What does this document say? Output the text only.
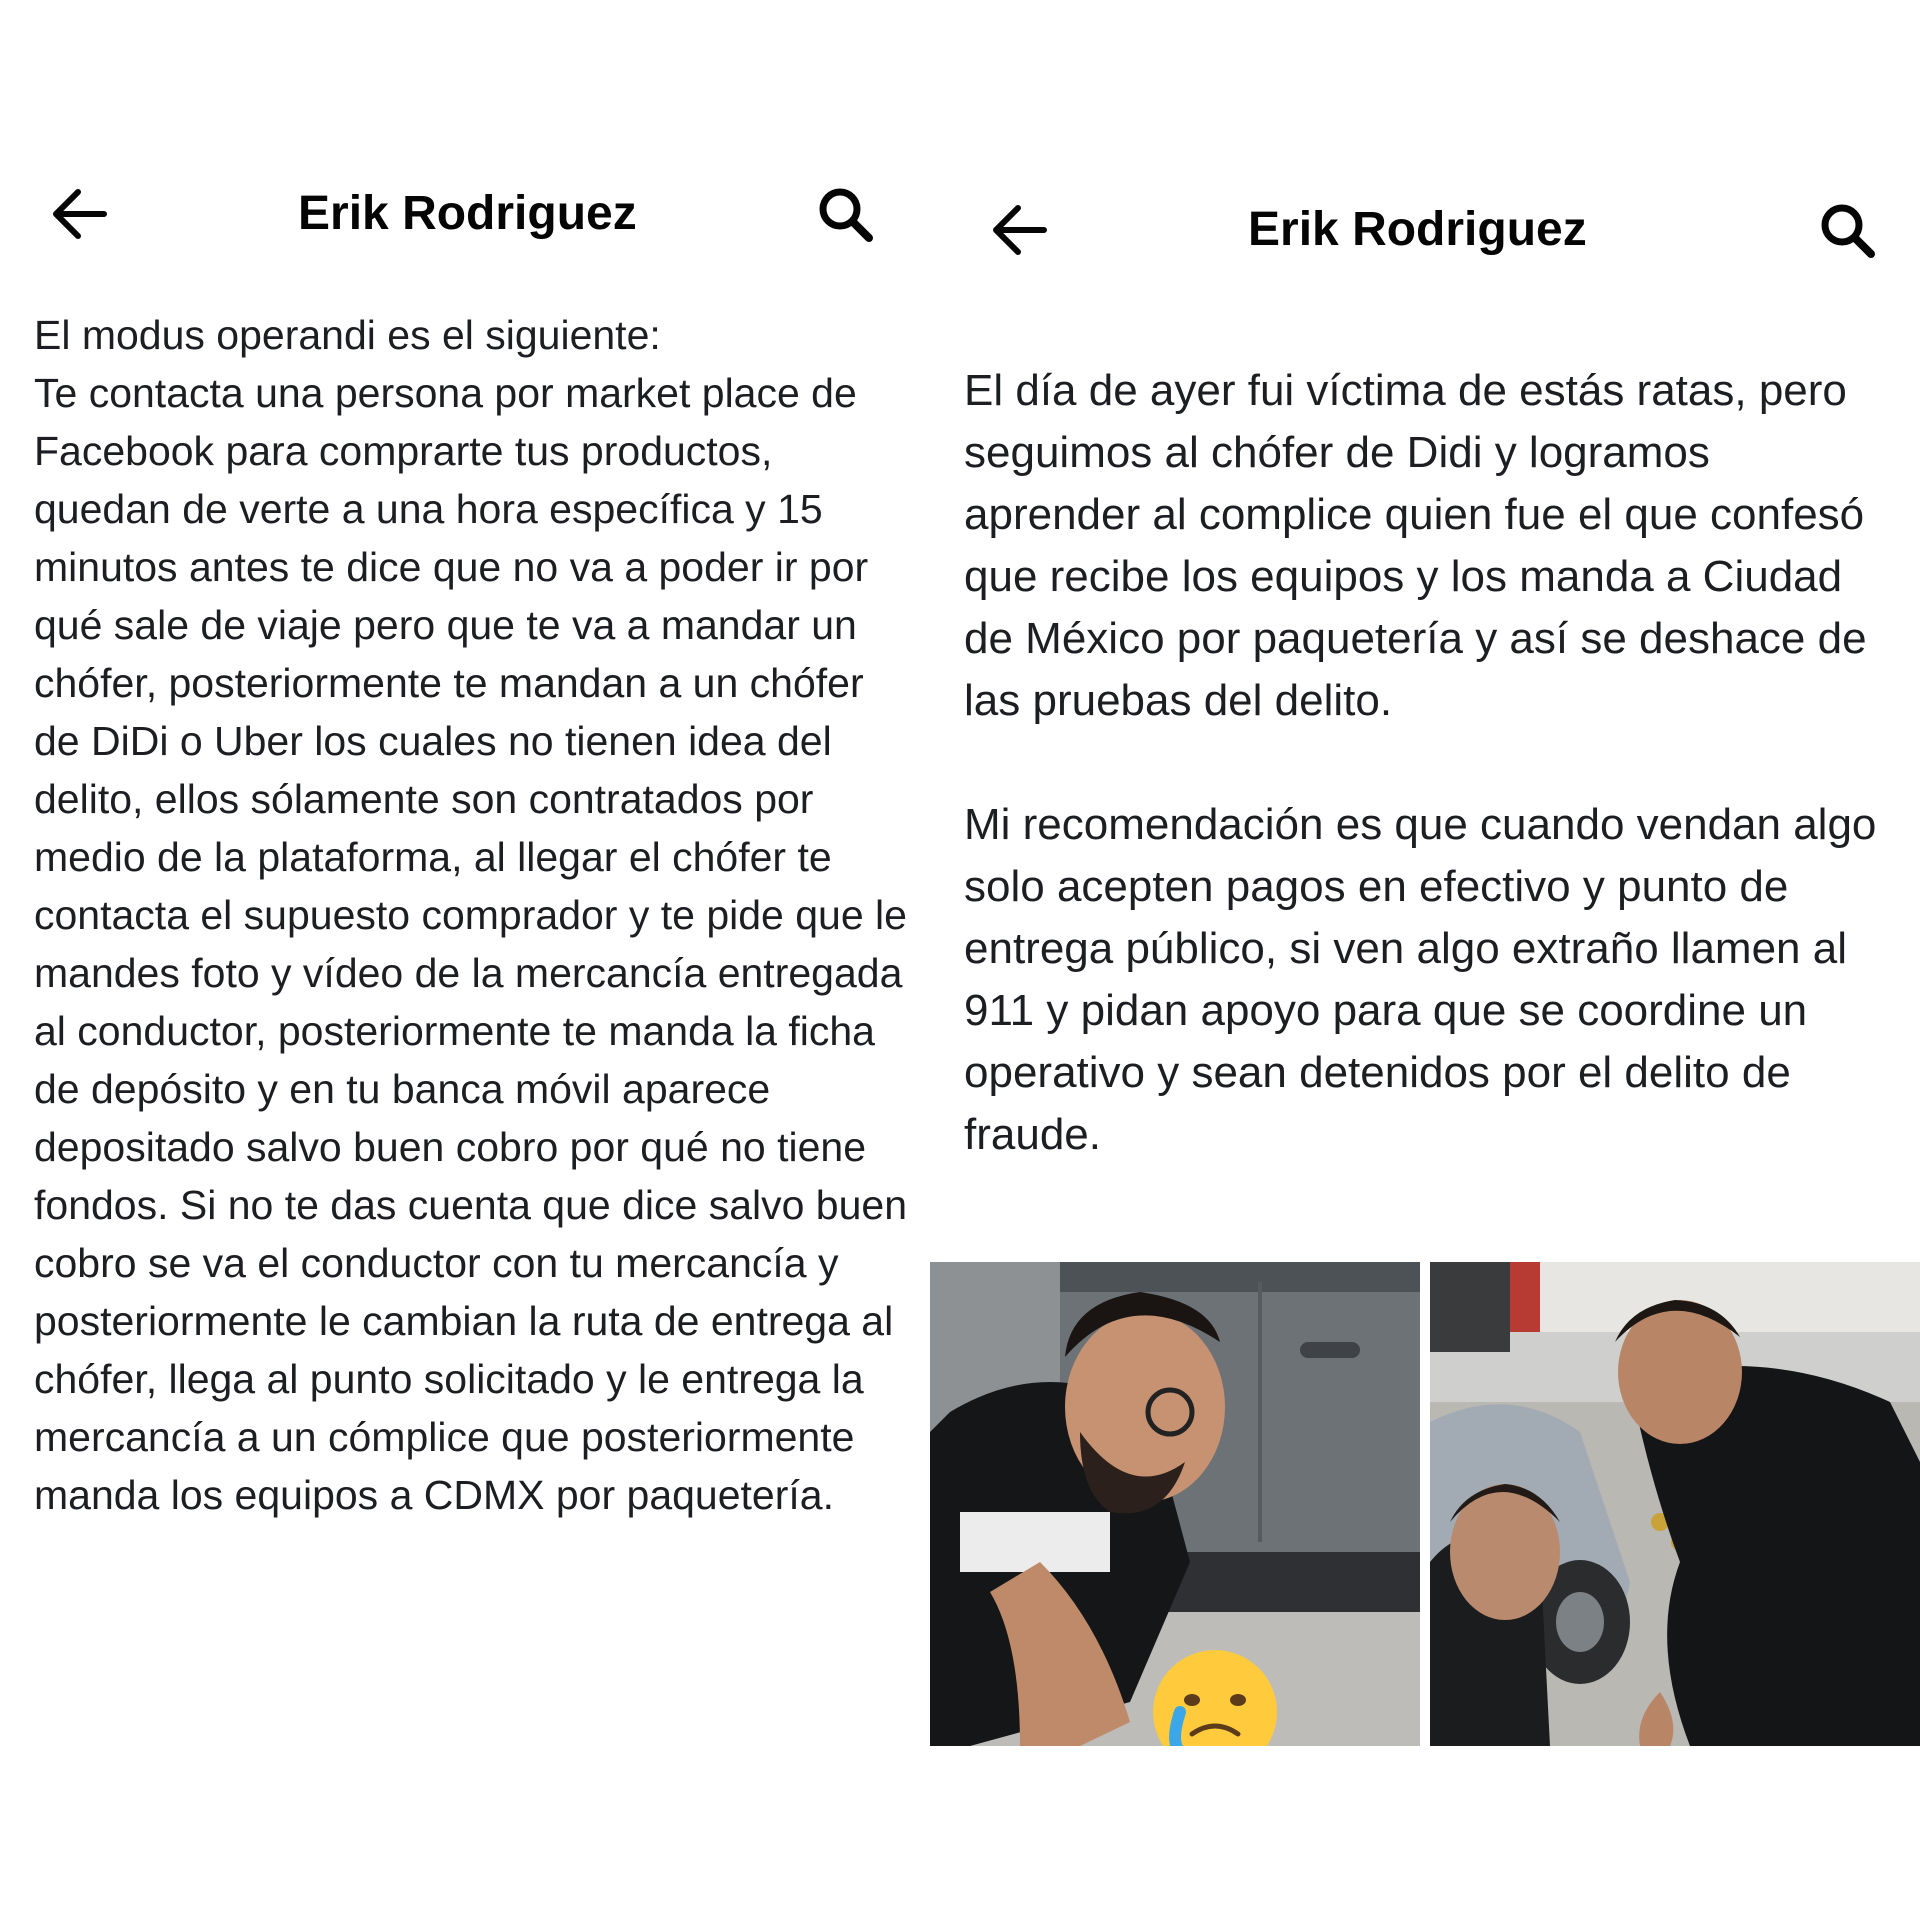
Erik Rodriguez

El modus operandi es el siguiente:
Te contacta una persona por market place de Facebook para comprarte tus productos, quedan de verte a una hora específica y 15 minutos antes te dice que no va a poder ir por qué sale de viaje pero que te va a mandar un chófer, posteriormente te mandan a un chófer de DiDi o Uber los cuales no tienen idea del delito, ellos sólamente son contratados por medio de la plataforma, al llegar el chófer te contacta el supuesto comprador y te pide que le mandes foto y vídeo de la mercancía entregada al conductor, posteriormente te manda la ficha de depósito y en tu banca móvil aparece depositado salvo buen cobro por qué no tiene fondos. Si no te das cuenta que dice salvo buen cobro se va el conductor con tu mercancía y posteriormente le cambian la ruta de entrega al chófer, llega al punto solicitado y le entrega la mercancía a un cómplice que posteriormente manda los equipos a CDMX por paquetería.

Erik Rodriguez

El día de ayer fui víctima de estás ratas, pero seguimos al chófer de Didi y logramos aprender al complice quien fue el que confesó que recibe los equipos y los manda a Ciudad de México por paquetería y así se deshace de las pruebas del delito.

Mi recomendación es que cuando vendan algo solo acepten pagos en efectivo y punto de entrega público, si ven algo extraño llamen al 911 y pidan apoyo para que se coordine un operativo y sean detenidos por el delito de fraude.
